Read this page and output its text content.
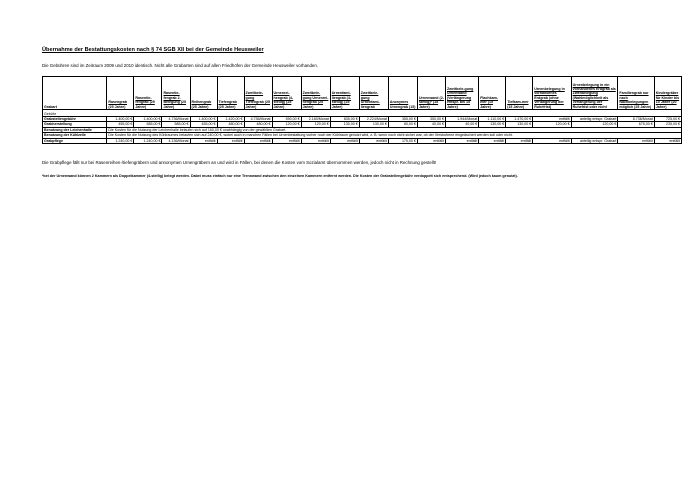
Übernahme der Bestattungskosten nach § 74 SGB XII bei der Gemeinde Heusweiler
Die Gebühren sind im Zeitraum 2009 und 2010 identisch. Nicht alle Grabarten sind auf allen Friedhöfen der Gemeinde Heusweiler vorhanden.
Grabart	Rasengrab (25 Jahre)	Rasentie-fengrab (25 Jahre)	Rasentie-fengrab 2. Belegung (25 Jahre)	Reihengrab (25 Jahre)	Tiefengrab (25 Jahre)	Zweitbele-gung Tiefengrab (25 Jahre)	Urnenrei-hengrab (4-stellig) (25 Jahre)	Zweitbele-gung Urnenrei-hengrab (25 Jahre)	Urnenfami-liengrab (4-stellig) (25 Jahre)	Zweitbele-gung Urnenfami-liengrab	Anonymes Urnengrab (15)	Urnenwand (2-stellig)* (15 Jahre)	Zweitbele-gung Urnenwand (Verlängerung entspr. bis 15 Jahre)	Flachkam-mer (15 Jahre)	Tiefkam-mer (15 Jahre)	Urnenbelegung in vorhandenes Erdgrab (ohne Verlängerung der Ruhefrist)	Urnenbelegung in ein vorhandenes Erdgrab als Zweitbelegung (Wahlmöglichkeit als Verlängerung der Ruhefrist oder nicht	Familiengrab nur nach Nachbelegungen möglich (25 Jahre)	Kindergräber für Kinder bis 10 Jahre (20 Jahre)
Gebühr																			
Grabstellengebühr	1.400,00 €	1.400,00 €	4.736/Monat	1.400,00 €	1.420,00 €	4.736/Monat	590,00 €	2.160/Monat	835,00 €	2.224/Monat	355,00 €	350,00 €	1.944/Monat	1.110,00 €	1.470,00 €	entfällt	anteilig entspr. Grabart	8.736/Monat	725,00 €
Grabherstellung	455,00 €	585,00 €	585,00 €	455,00 €	480,00 €	480,00 €	120,00 €	120,00 €	130,00 €	130,00 €	60,00 €	40,00 €	40,00 €	130,00 €	130,00 €	120,00 €	120,00 €	675,00 €	235,00 €
Benutzung der Leichenhalle	Die Kosten für die Nutzung der Leichenhalle belaufen sich auf 160,00 € unabhängig von der gewählten Grabart.																		
Benutzung der Kühlzelle	Die Kosten für die Nutzung des Kühlraumes belaufen sich auf 240,00 €, wobei auch in manchen Fällen bei Urnenbestattung vorher noch der Kühlraum genutzt wird, z. B. wenn noch nicht sicher war, ob der Verstorbene eingeäschert werden soll oder nicht.																		
Grabpflege	1.240,00 €	1.240,00 €	4.136/Monat	entfällt	entfällt	entfällt	entfällt	entfällt	entfällt	entfällt	175,00 €	entfällt	entfällt	entfällt	entfällt	entfällt	anteilig entspr. Grabart	entfällt	entfällt
Die Grabpflege fällt nur bei Rasenreihen-/tiefengräbern und annonymen Urnengräbern an und wird in Fällen, bei denen die Kosten vom Sozialamt übernommen werden, jedoch nicht in Rechnung gestellt!
*bei der Urnenwand können 2 Kammern als Doppelkammer (4-stellig) belegt werden. Dabei muss einfach nur eine Trennwand zwischen den einzelnen Kammern entfernt werden. Die Kosten der Grabstellengebühr verdoppelt sich entsprechend. (Wird jedoch kaum genutzt).
